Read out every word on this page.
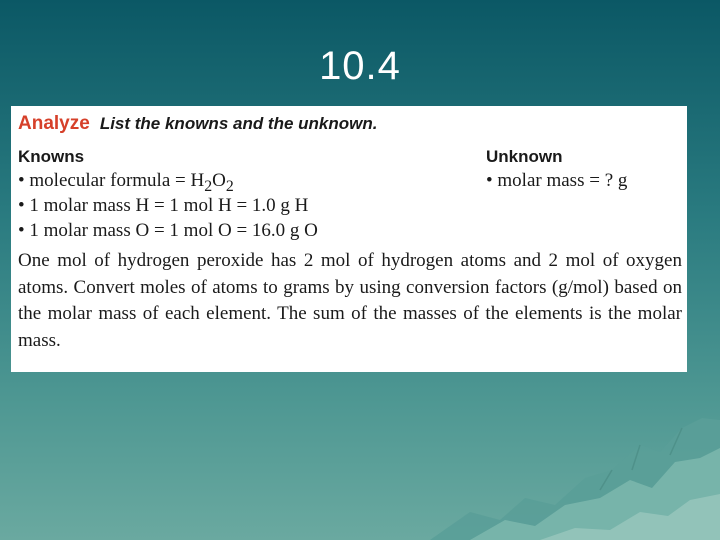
10.4
Analyze List the knowns and the unknown.
Knowns
• molecular formula = $H_2O_2$
• 1 molar mass H = 1 mol H = 1.0 g H
• 1 molar mass O = 1 mol O = 16.0 g O
Unknown
• molar mass = ? g
One mol of hydrogen peroxide has 2 mol of hydrogen atoms and 2 mol of oxygen atoms. Convert moles of atoms to grams by using conversion factors (g/mol) based on the molar mass of each element. The sum of the masses of the elements is the molar mass.
